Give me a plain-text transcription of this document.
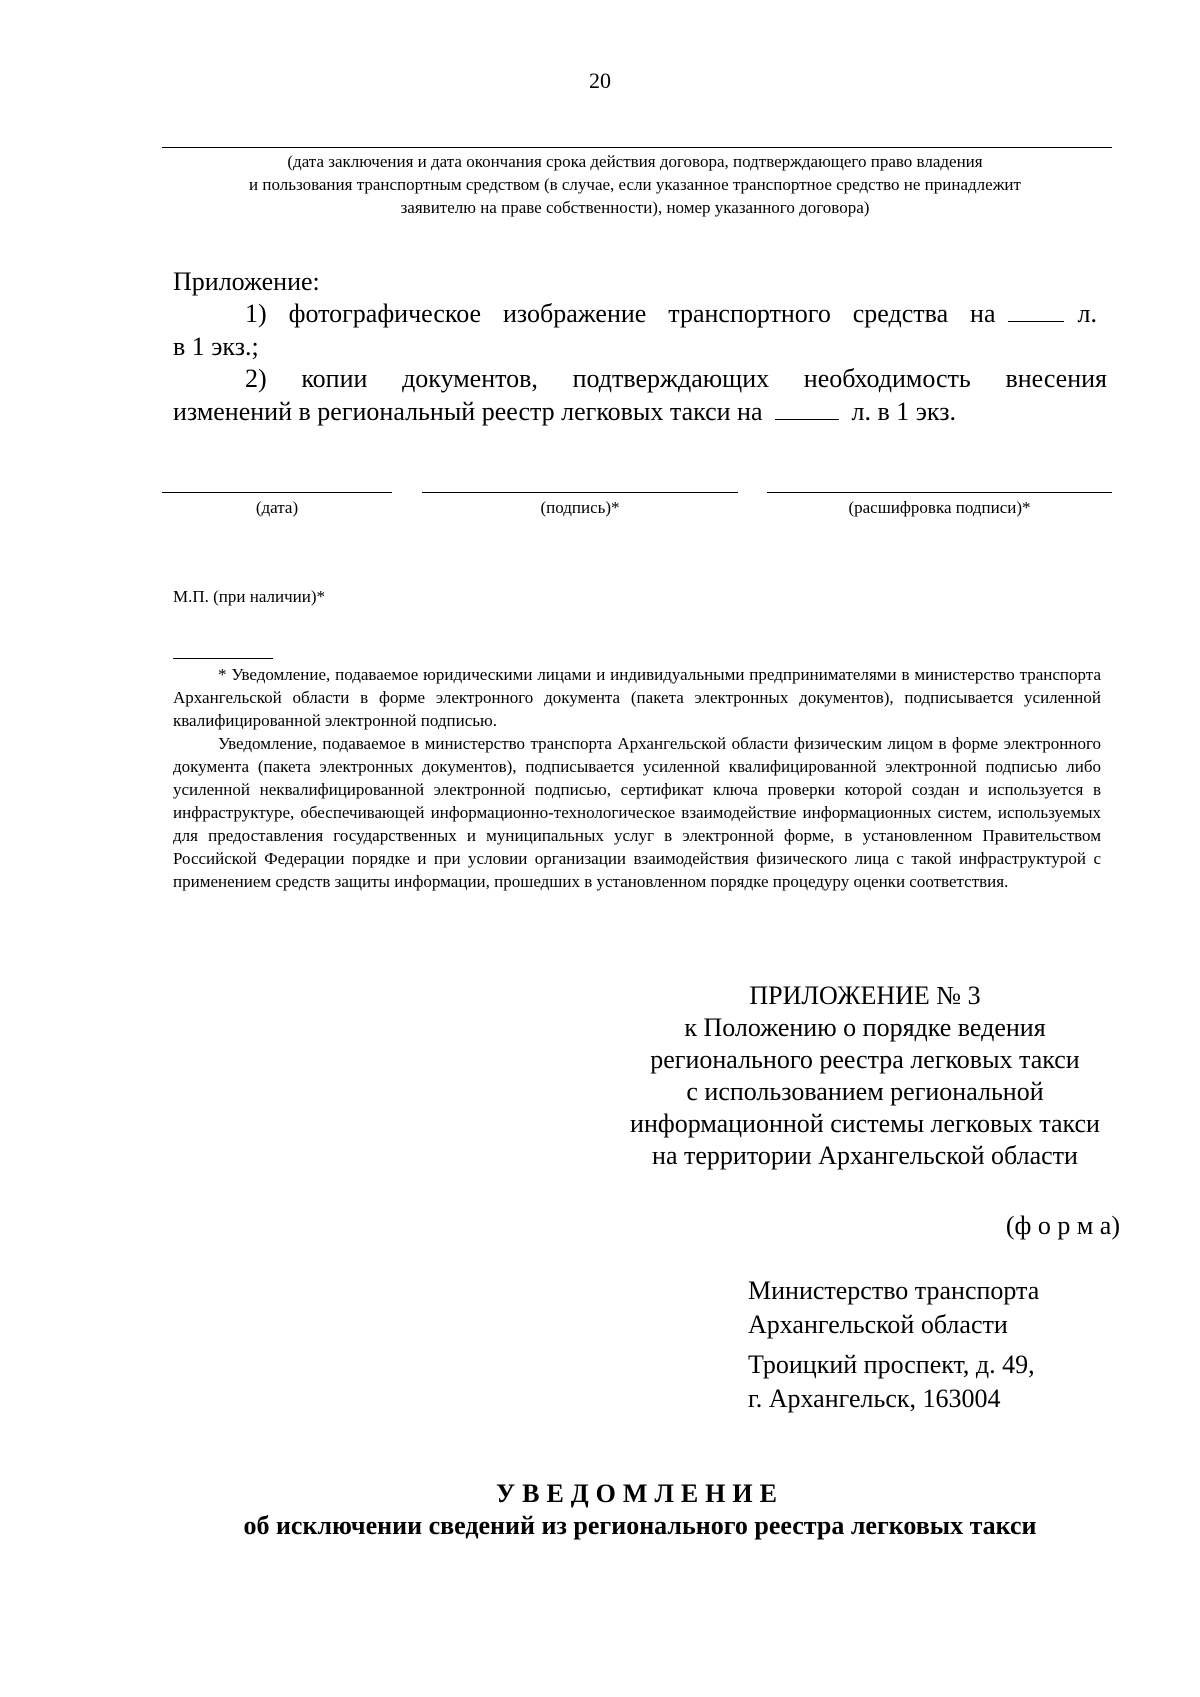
20
(дата заключения и дата окончания срока действия договора, подтверждающего право владения
и пользования транспортным средством (в случае, если указанное транспортное средство не принадлежит
заявителю на праве собственности), номер указанного договора)
Приложение:
1) фотографическое изображение транспортного средства на	л.
в 1 экз.;
2) копии документов, подтверждающих необходимость внесения
изменений в региональный реестр легковых такси на	л. в 1 экз.
(дата)	(подпись)*	(расшифровка подписи)*
М.П. (при наличии)*

* Уведомление, подаваемое юридическими лицами и индивидуальными предпринимателями в министерство транспорта Архангельской области в форме электронного документа (пакета электронных документов), подписывается усиленной квалифицированной электронной подписью.

Уведомление, подаваемое в министерство транспорта Архангельской области физическим лицом в форме электронного документа (пакета электронных документов), подписывается усиленной квалифицированной электронной подписью либо усиленной неквалифицированной электронной подписью, сертификат ключа проверки которой создан и используется в инфраструктуре, обеспечивающей информационно-технологическое взаимодействие информационных систем, используемых для предоставления государственных и муниципальных услуг в электронной форме, в установленном Правительством Российской Федерации порядке и при условии организации взаимодействия физического лица с такой инфраструктурой с применением средств защиты информации, прошедших в установленном порядке процедуру оценки соответствия.

ПРИЛОЖЕНИЕ № 3
к Положению о порядке ведения
регионального реестра легковых такси
с использованием региональной
информационной системы легковых такси
на территории Архангельской области
(ф о р м а)
Министерство транспорта
Архангельской области
Троицкий проспект, д. 49,
г. Архангельск, 163004
УВЕДОМЛЕНИЕ
об исключении сведений из регионального реестра легковых такси
